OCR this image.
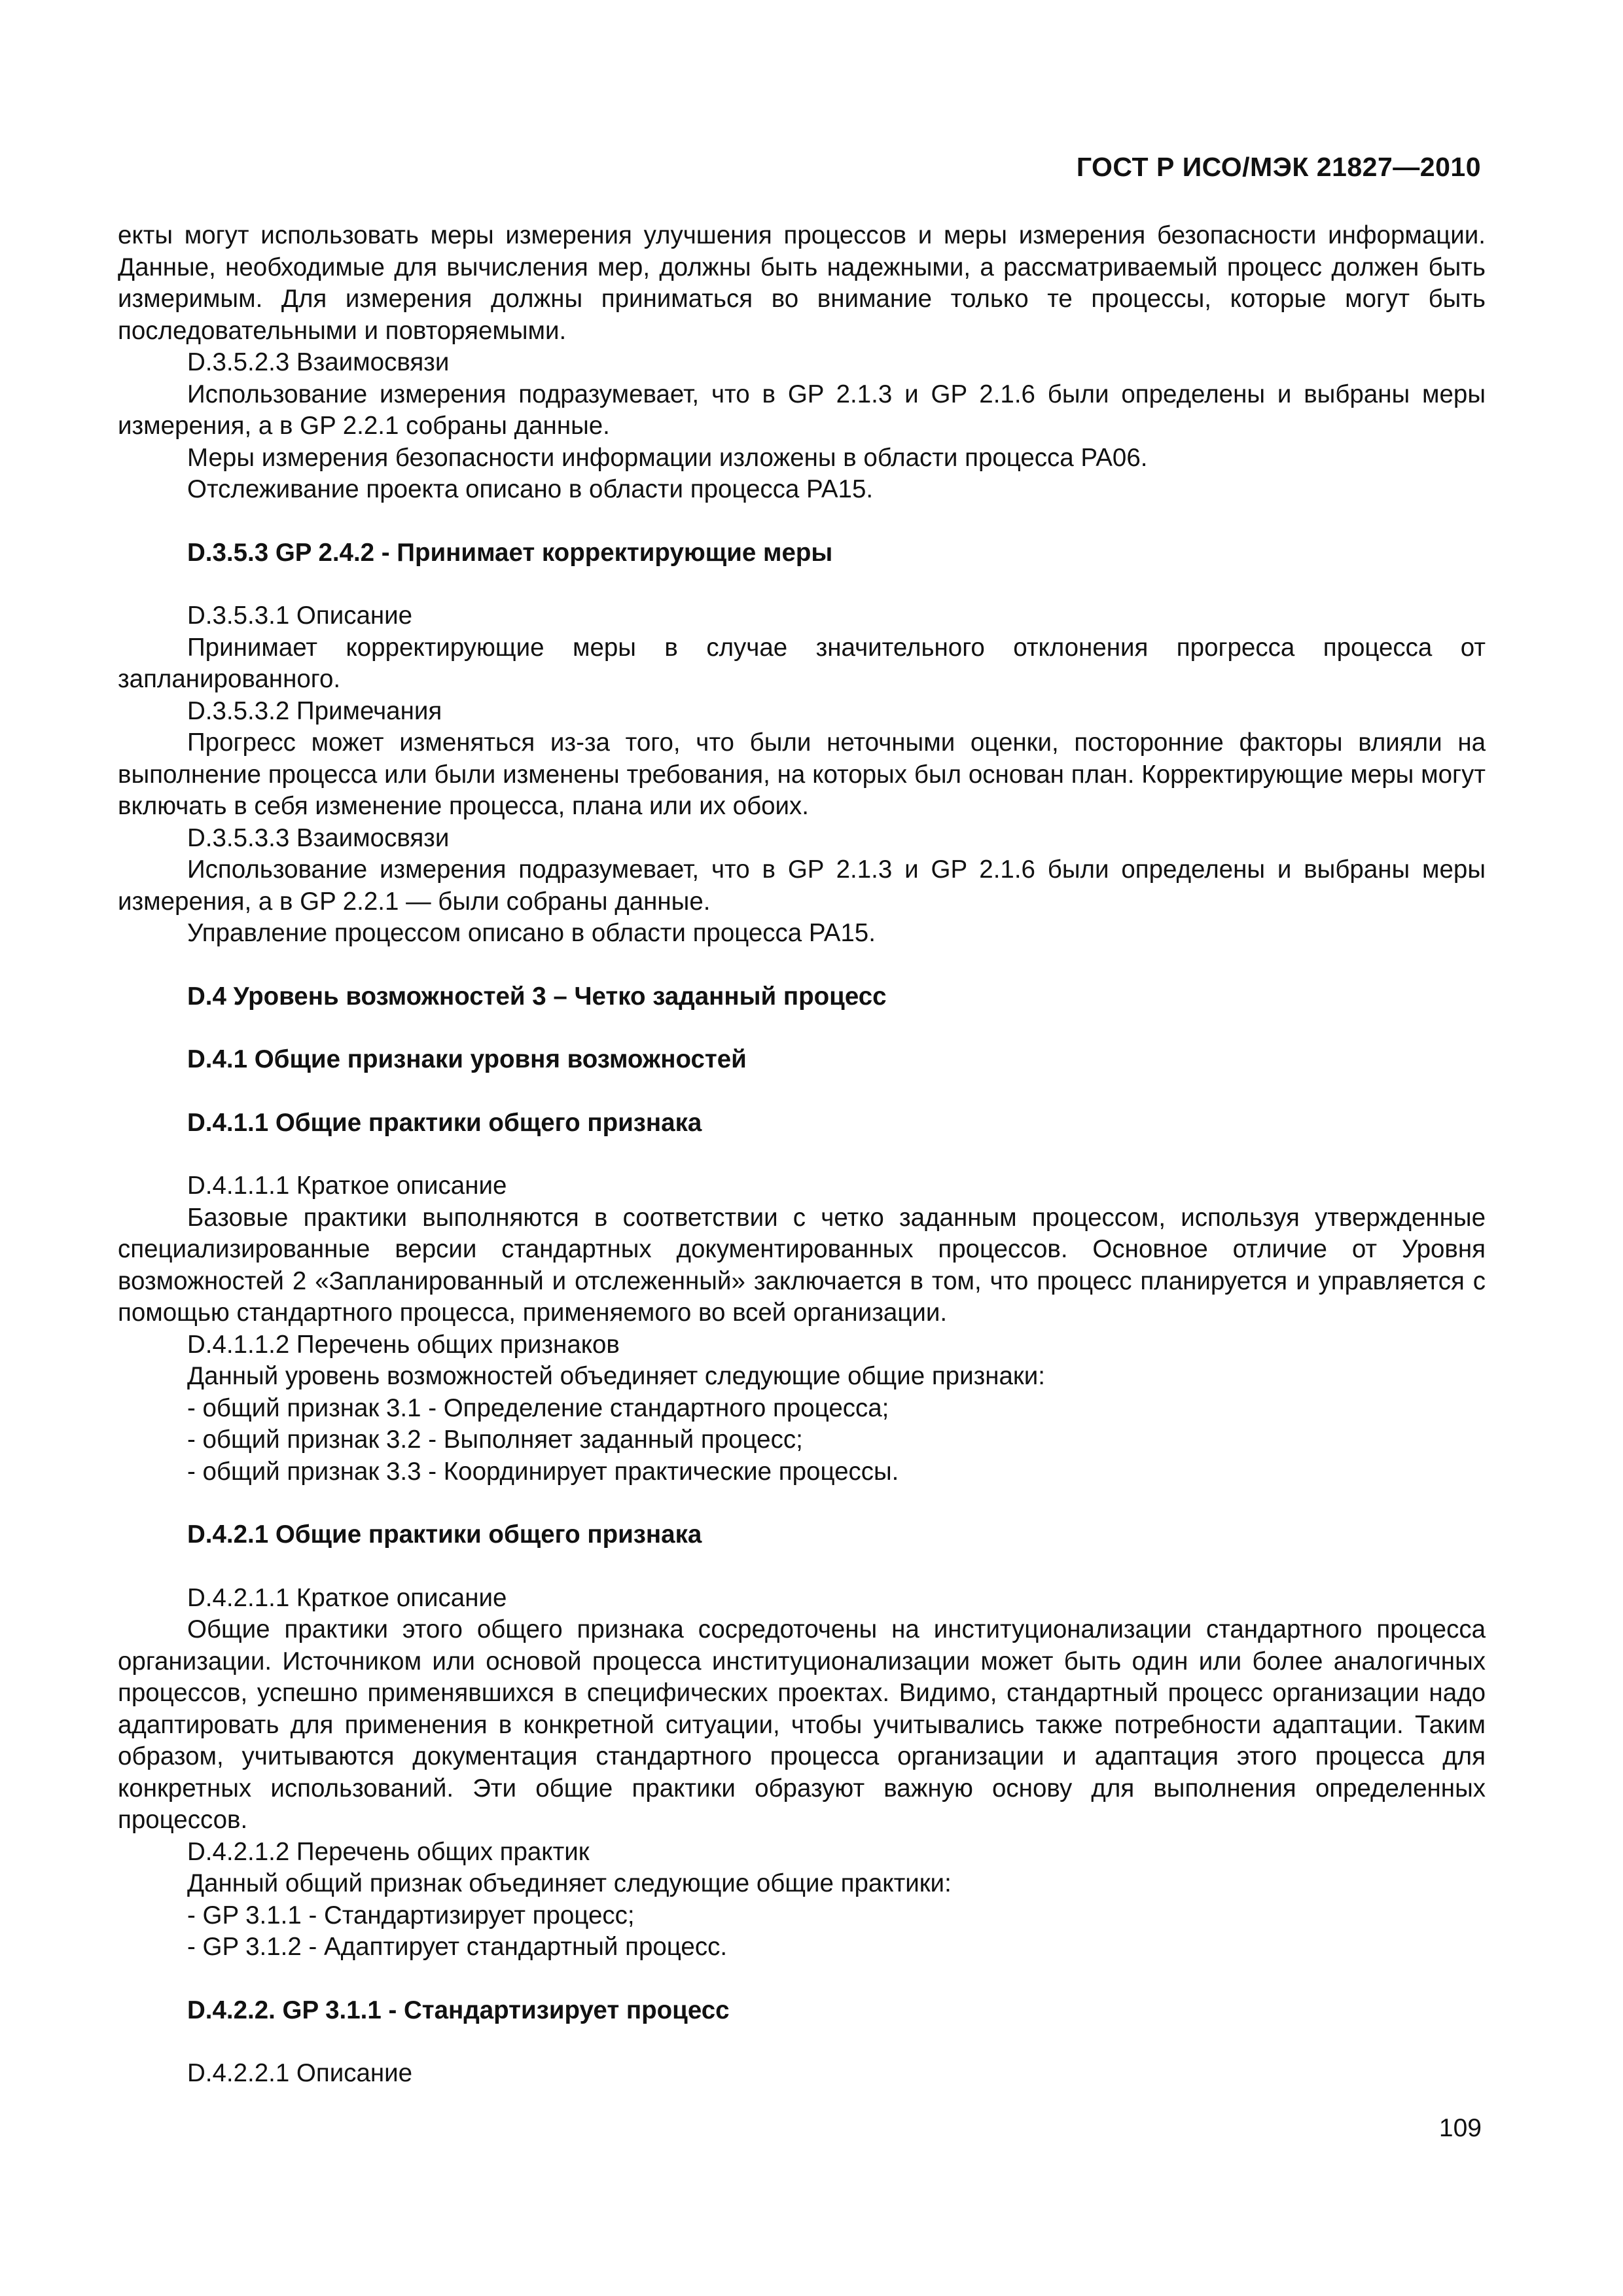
ГОСТ Р ИСО/МЭК 21827—2010

екты могут использовать меры измерения улучшения процессов и меры измерения безопасности информации. Данные, необходимые для вычисления мер, должны быть надежными, а рассматриваемый процесс должен быть измеримым. Для измерения должны приниматься во внимание только те процессы, которые могут быть последовательными и повторяемыми.

D.3.5.2.3 Взаимосвязи

Использование измерения подразумевает, что в GP 2.1.3 и GP 2.1.6 были определены и выбраны меры измерения, а в GP 2.2.1 собраны данные.

Меры измерения безопасности информации изложены в области процесса PA06.

Отслеживание проекта описано в области процесса PA15.

D.3.5.3 GP 2.4.2 - Принимает корректирующие меры

D.3.5.3.1 Описание

Принимает корректирующие меры в случае значительного отклонения прогресса процесса от запланированного.

D.3.5.3.2 Примечания

Прогресс может изменяться из-за того, что были неточными оценки, посторонние факторы влияли на выполнение процесса или были изменены требования, на которых был основан план. Корректирующие меры могут включать в себя изменение процесса, плана или их обоих.

D.3.5.3.3 Взаимосвязи

Использование измерения подразумевает, что в GP 2.1.3 и GP 2.1.6 были определены и выбраны меры измерения, а в GP 2.2.1 — были собраны данные.

Управление процессом описано в области процесса PA15.

D.4 Уровень возможностей 3 – Четко заданный процесс

D.4.1 Общие признаки уровня возможностей

D.4.1.1 Общие практики общего признака

D.4.1.1.1 Краткое описание

Базовые практики выполняются в соответствии с четко заданным процессом, используя утвержденные специализированные версии стандартных документированных процессов. Основное отличие от Уровня возможностей 2 «Запланированный и отслеженный» заключается в том, что процесс планируется и управляется с помощью стандартного процесса, применяемого во всей организации.

D.4.1.1.2 Перечень общих признаков

Данный уровень возможностей объединяет следующие общие признаки:

- общий признак 3.1 - Определение стандартного процесса;

- общий признак 3.2 - Выполняет заданный процесс;

- общий признак 3.3 - Координирует практические процессы.

D.4.2.1 Общие практики общего признака

D.4.2.1.1 Краткое описание

Общие практики этого общего признака сосредоточены на институционализации стандартного процесса организации. Источником или основой процесса институционализации может быть один или более аналогичных процессов, успешно применявшихся в специфических проектах. Видимо, стандартный процесс организации надо адаптировать для применения в конкретной ситуации, чтобы учитывались также потребности адаптации. Таким образом, учитываются документация стандартного процесса организации и адаптация этого процесса для конкретных использований. Эти общие практики образуют важную основу для выполнения определенных процессов.

D.4.2.1.2 Перечень общих практик

Данный общий признак объединяет следующие общие практики:

- GP 3.1.1 - Стандартизирует процесс;

- GP 3.1.2 - Адаптирует стандартный процесс.

D.4.2.2. GP 3.1.1 - Стандартизирует процесс

D.4.2.2.1 Описание

109
